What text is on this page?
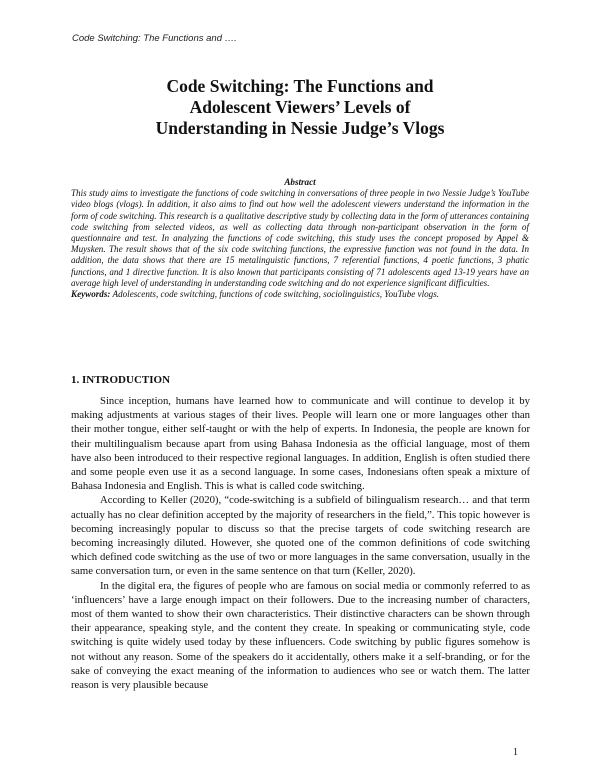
Code Switching: The Functions and ….
Code Switching: The Functions and
Adolescent Viewers’ Levels of
Understanding in Nessie Judge’s Vlogs
Abstract
This study aims to investigate the functions of code switching in conversations of three people in two Nessie Judge’s YouTube video blogs (vlogs). In addition, it also aims to find out how well the adolescent viewers understand the information in the form of code switching. This research is a qualitative descriptive study by collecting data in the form of utterances containing code switching from selected videos, as well as collecting data through non-participant observation in the form of questionnaire and test. In analyzing the functions of code switching, this study uses the concept proposed by Appel & Muysken. The result shows that of the six code switching functions, the expressive function was not found in the data. In addition, the data shows that there are 15 metalinguistic functions, 7 referential functions, 4 poetic functions, 3 phatic functions, and 1 directive function. It is also known that participants consisting of 71 adolescents aged 13-19 years have an average high level of understanding in understanding code switching and do not experience significant difficulties.
Keywords: Adolescents, code switching, functions of code switching, sociolinguistics, YouTube vlogs.
1. INTRODUCTION

Since inception, humans have learned how to communicate and will continue to develop it by making adjustments at various stages of their lives. People will learn one or more languages other than their mother tongue, either self-taught or with the help of experts. In Indonesia, the people are known for their multilingualism because apart from using Bahasa Indonesia as the official language, most of them have also been introduced to their respective regional languages. In addition, English is often studied there and some people even use it as a second language. In some cases, Indonesians often speak a mixture of Bahasa Indonesia and English. This is what is called code switching.

According to Keller (2020), “code-switching is a subfield of bilingualism research… and that term actually has no clear definition accepted by the majority of researchers in the field,”. This topic however is becoming increasingly popular to discuss so that the precise targets of code switching research are becoming increasingly diluted. However, she quoted one of the common definitions of code switching which defined code switching as the use of two or more languages in the same conversation, usually in the same conversation turn, or even in the same sentence on that turn (Keller, 2020).

In the digital era, the figures of people who are famous on social media or commonly referred to as ‘influencers’ have a large enough impact on their followers. Due to the increasing number of characters, most of them wanted to show their own characteristics. Their distinctive characters can be shown through their appearance, speaking style, and the content they create. In speaking or communicating style, code switching is quite widely used today by these influencers. Code switching by public figures somehow is not without any reason. Some of the speakers do it accidentally, others make it a self-branding, or for the sake of conveying the exact meaning of the information to audiences who see or watch them. The latter reason is very plausible because

1
